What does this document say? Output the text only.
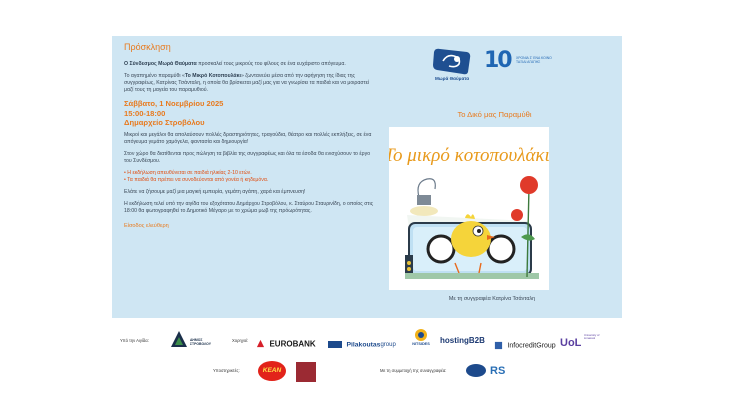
Πρόσκληση

Ο Σύνδεσμος Μωρά Θαύματα προσκαλεί τους μικρούς του φίλους σε ένα ευχάριστο απόγευμα.

Το αγαπημένο παραμύθι «Το Μικρό Κοτοπουλάκι» ζωντανεύει μέσα από την αφήγηση της ίδιας της συγγραφέως, Κατρίνας Τσάνταλη, η οποία θα βρίσκεται μαζί μας για να γνωρίσει τα παιδιά και να μοιραστεί μαζί τους τη μαγεία του παραμυθιού.

Σάββατο, 1 Νοεμβρίου 2025
15:00-18:00
Δημαρχείο Στροβόλου

Μικροί και μεγάλοι θα απολαύσουν πολλές δραστηριότητες, τραγούδια, θέατρο και πολλές εκπλήξεις, σε ένα απόγευμα γεμάτο χαμόγελα, φαντασία και δημιουργία!

Στον χώρο θα διατίθενται προς πώληση τα βιβλία της συγγραφέως και όλα τα έσοδα θα ενισχύσουν το έργο του Συνδέσμου.

• Η εκδήλωση απευθύνεται σε παιδιά ηλικίας 2-10 ετών.

• Τα παιδιά θα πρέπει να συνοδεύονται από γονέα ή κηδεμόνα.

Ελάτε να ζήσουμε μαζί μια μαγική εμπειρία, γεμάτη αγάπη, χαρά και έμπνευση!

Η εκδήλωση τελεί υπό την αιγίδα του εξοχότατου Δημάρχου Στροβόλου, κ. Σταύρου Σταυρινίδη, ο οποίος στις 18:00 θα φωτογραφηθεί το Δημοτικό Μέγαρο με το χρώμα μωβ της πρόωρότητας.

Είσοδος ελεύθερη
Μωρά Θαύματα
10 ΧΡΟΝΙΑ Σ' ΕΝΑ ΚΟΙΝΟ ΤΑΞΙΔΙ ΑΓΑΠΗΣ
Το Δικό μας Παραμύθι
Το μικρό κοτοπουλάκι
Με τη συγγραφέα Κατρίνα Τσάνταλη
Υπό την Αιγίδα:	ΔΗΜΟΣ ΣΤΡΟΒΟΛΟΥ
Χορηγοί:	EUROBANK	Pilakoutasgroup	NITSIDES	hostingB2B
InfocreditGroup UoL
University of Limassol
Υποστηρικτές:	ΚΕΑΝ	Με τη συμμετοχή της συναγγραφέα:	RS
